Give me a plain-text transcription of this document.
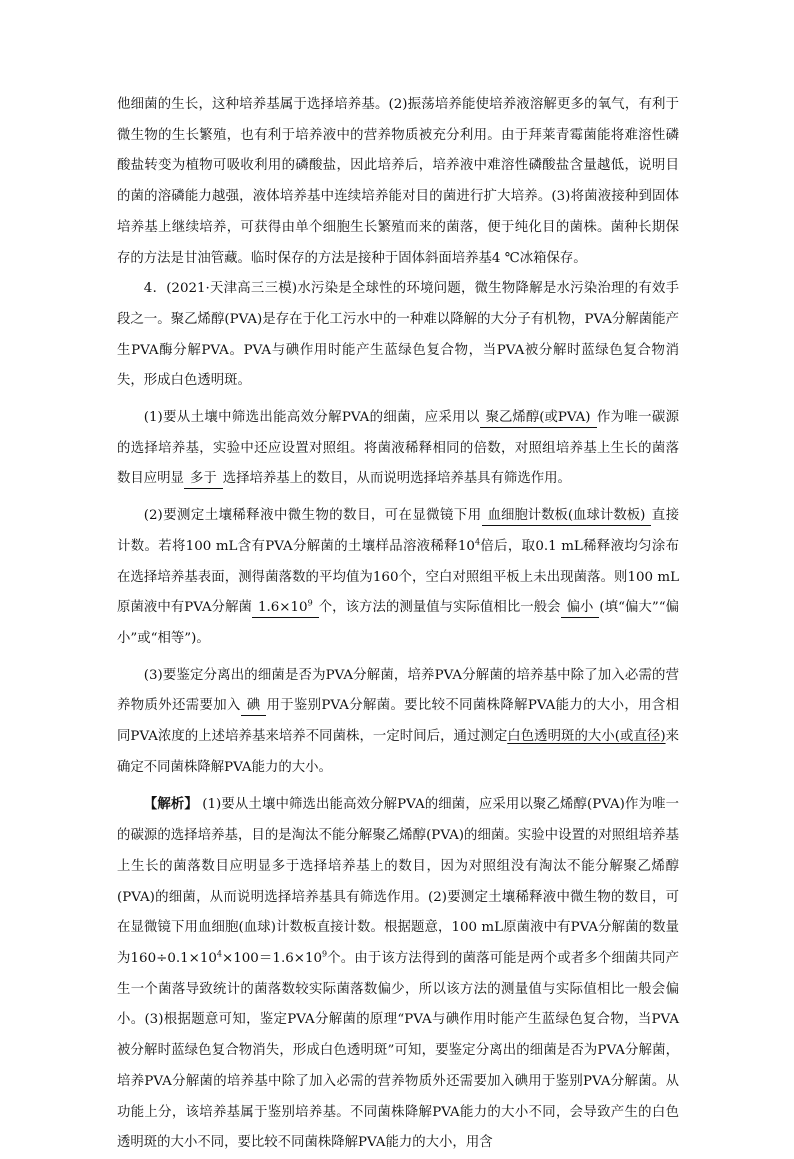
他细菌的生长，这种培养基属于选择培养基。(2)振荡培养能使培养液溶解更多的氧气，有利于微生物的生长繁殖，也有利于培养液中的营养物质被充分利用。由于拜莱青霉菌能将难溶性磷酸盐转变为植物可吸收利用的磷酸盐，因此培养后，培养液中难溶性磷酸盐含量越低，说明目的菌的溶磷能力越强，液体培养基中连续培养能对目的菌进行扩大培养。(3)将菌液接种到固体培养基上继续培养，可获得由单个细胞生长繁殖而来的菌落，便于纯化目的菌株。菌种长期保存的方法是甘油管藏。临时保存的方法是接种于固体斜面培养基4 ℃冰箱保存。

4．(2021·天津高三三模)水污染是全球性的环境问题，微生物降解是水污染治理的有效手段之一。聚乙烯醇(PVA)是存在于化工污水中的一种难以降解的大分子有机物，PVA分解菌能产生PVA酶分解PVA。PVA与碘作用时能产生蓝绿色复合物，当PVA被分解时蓝绿色复合物消失，形成白色透明斑。

(1)要从土壤中筛选出能高效分解PVA的细菌，应采用以 聚乙烯醇(或PVA) 作为唯一碳源的选择培养基，实验中还应设置对照组。将菌液稀释相同的倍数，对照组培养基上生长的菌落数目应明显 多于 选择培养基上的数目，从而说明选择培养基具有筛选作用。

(2)要测定土壤稀释液中微生物的数目，可在显微镜下用 血细胞计数板(血球计数板) 直接计数。若将100 mL含有PVA分解菌的土壤样品溶液稀释$10^4$倍后，取0.1 mL稀释液均匀涂布在选择培养基表面，测得菌落数的平均值为160个，空白对照组平板上未出现菌落。则100 mL原菌液中有PVA分解菌 $1.6\times 10^9$ 个，该方法的测量值与实际值相比一般会 偏小 (填“偏大”“偏小”或“相等”)。

(3)要鉴定分离出的细菌是否为PVA分解菌，培养PVA分解菌的培养基中除了加入必需的营养物质外还需要加入 碘 用于鉴别PVA分解菌。要比较不同菌株降解PVA能力的大小，用含相同PVA浓度的上述培养基来培养不同菌株，一定时间后，通过测定白色透明斑的大小(或直径)来确定不同菌株降解PVA能力的大小。

【解析】 (1)要从土壤中筛选出能高效分解PVA的细菌，应采用以聚乙烯醇(PVA)作为唯一的碳源的选择培养基，目的是淘汰不能分解聚乙烯醇(PVA)的细菌。实验中设置的对照组培养基上生长的菌落数目应明显多于选择培养基上的数目，因为对照组没有淘汰不能分解聚乙烯醇(PVA)的细菌，从而说明选择培养基具有筛选作用。(2)要测定土壤稀释液中微生物的数目，可在显微镜下用血细胞(血球)计数板直接计数。根据题意，100 mL原菌液中有PVA分解菌的数量为$160\div 0.1\times 10^4\times 100=1.6\times 10^9$个。由于该方法得到的菌落可能是两个或者多个细菌共同产生一个菌落导致统计的菌落数较实际菌落数偏少，所以该方法的测量值与实际值相比一般会偏小。(3)根据题意可知，鉴定PVA分解菌的原理“PVA与碘作用时能产生蓝绿色复合物，当PVA被分解时蓝绿色复合物消失，形成白色透明斑”可知，要鉴定分离出的细菌是否为PVA分解菌，培养PVA分解菌的培养基中除了加入必需的营养物质外还需要加入碘用于鉴别PVA分解菌。从功能上分，该培养基属于鉴别培养基。不同菌株降解PVA能力的大小不同，会导致产生的白色透明斑的大小不同，要比较不同菌株降解PVA能力的大小，用含
